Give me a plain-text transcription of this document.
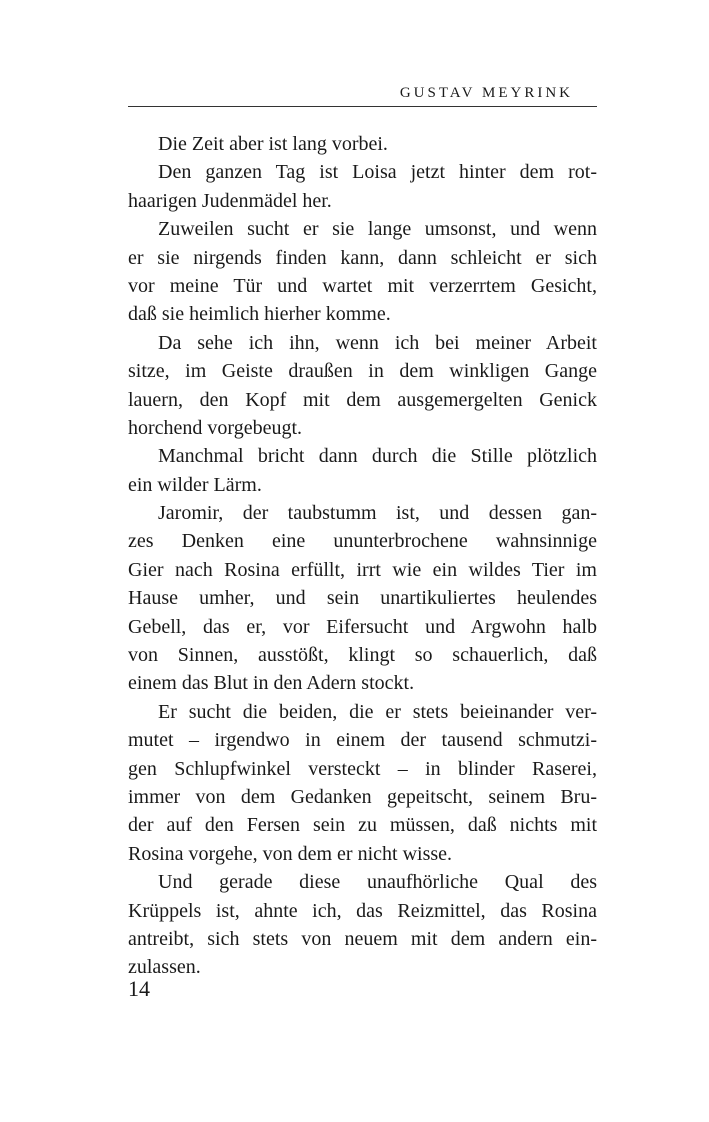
GUSTAV MEYRINK
Die Zeit aber ist lang vorbei.
Den ganzen Tag ist Loisa jetzt hinter dem rot-
haarigen Judenmädel her.
Zuweilen sucht er sie lange umsonst, und wenn
er sie nirgends finden kann, dann schleicht er sich
vor meine Tür und wartet mit verzerrtem Gesicht,
daß sie heimlich hierher komme.
Da sehe ich ihn, wenn ich bei meiner Arbeit
sitze, im Geiste draußen in dem winkligen Gange
lauern, den Kopf mit dem ausgemergelten Genick
horchend vorgebeugt.
Manchmal bricht dann durch die Stille plötzlich
ein wilder Lärm.
Jaromir, der taubstumm ist, und dessen gan-
zes Denken eine ununterbrochene wahnsinnige
Gier nach Rosina erfüllt, irrt wie ein wildes Tier im
Hause umher, und sein unartikuliertes heulendes
Gebell, das er, vor Eifersucht und Argwohn halb
von Sinnen, ausstößt, klingt so schauerlich, daß
einem das Blut in den Adern stockt.
Er sucht die beiden, die er stets beieinander ver-
mutet – irgendwo in einem der tausend schmutzi-
gen Schlupfwinkel versteckt – in blinder Raserei,
immer von dem Gedanken gepeitscht, seinem Bru-
der auf den Fersen sein zu müssen, daß nichts mit
Rosina vorgehe, von dem er nicht wisse.
Und gerade diese unaufhörliche Qual des
Krüppels ist, ahnte ich, das Reizmittel, das Rosina
antreibt, sich stets von neuem mit dem andern ein-
zulassen.
14
